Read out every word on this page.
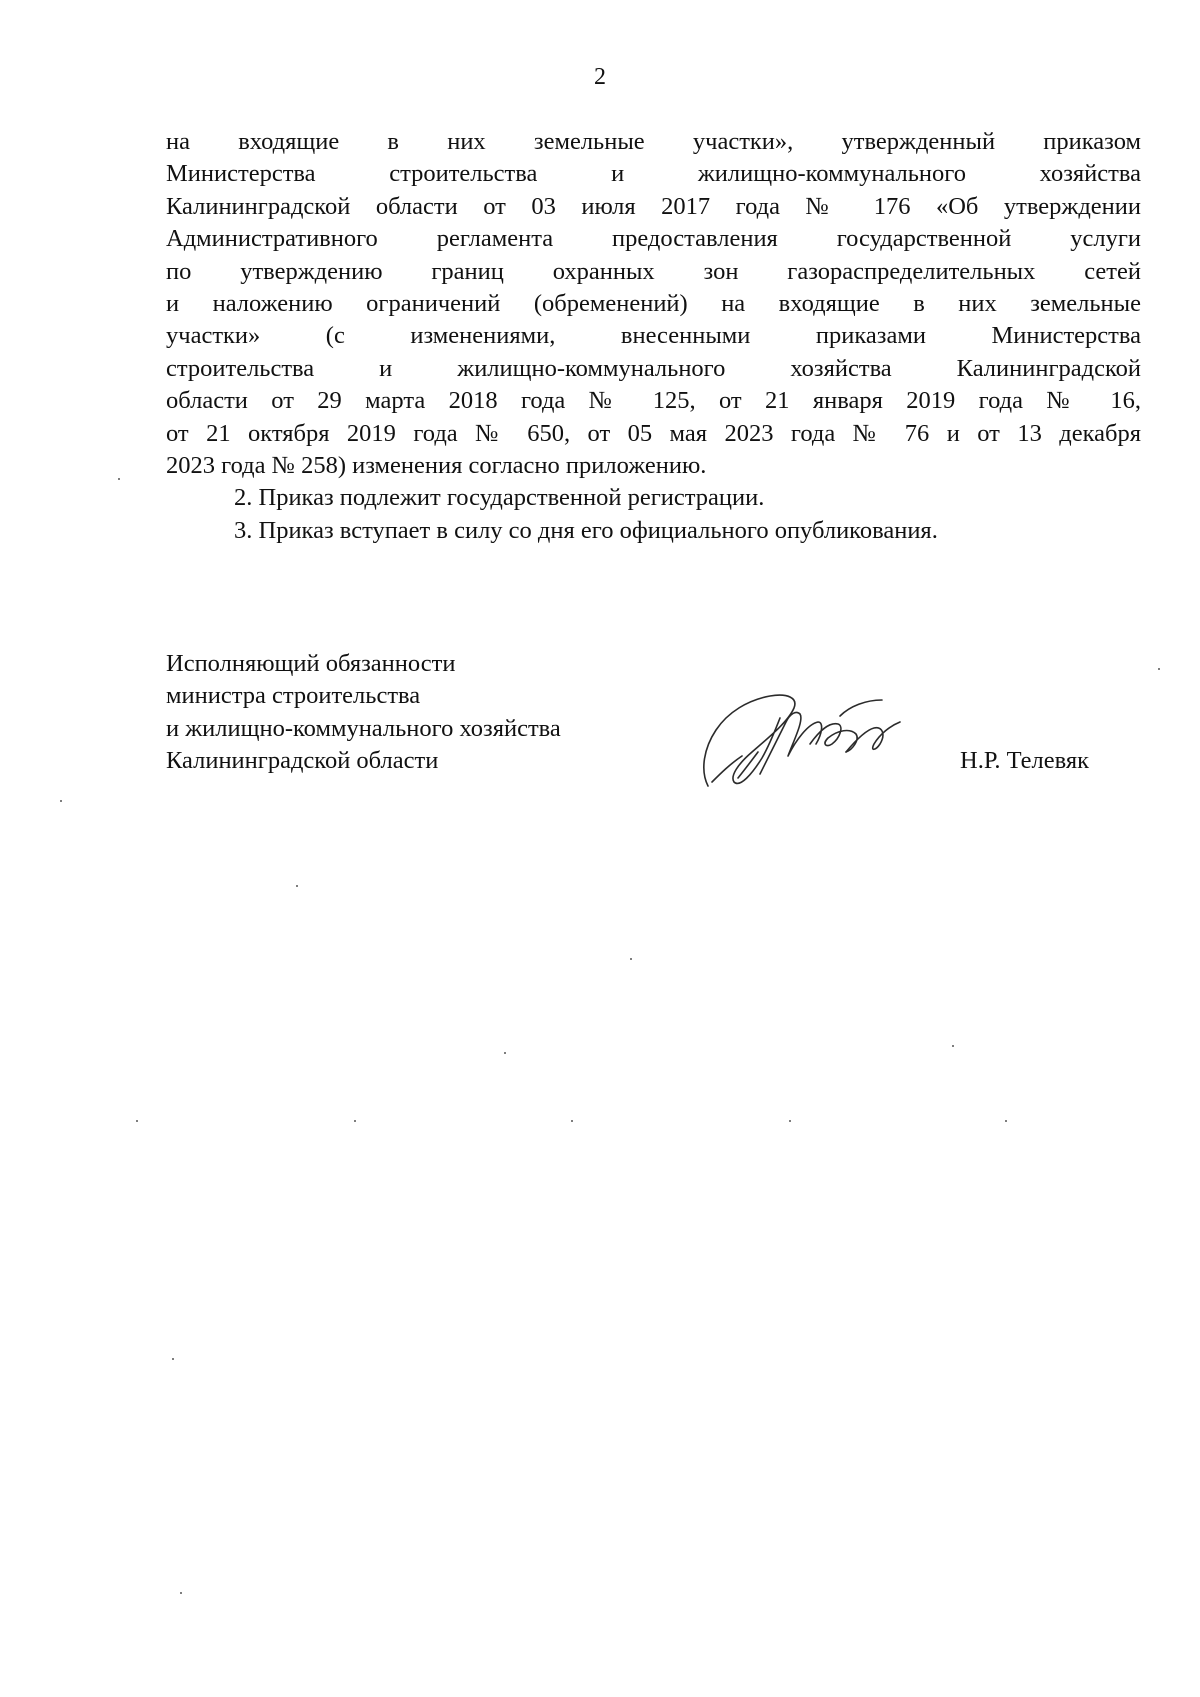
2
на входящие в них земельные участки», утвержденный приказом
Министерства строительства и жилищно-коммунального хозяйства
Калининградской области от 03 июля 2017 года № 176 «Об утверждении
Административного регламента предоставления государственной услуги
по утверждению границ охранных зон газораспределительных сетей
и наложению ограничений (обременений) на входящие в них земельные
участки» (с изменениями, внесенными приказами Министерства
строительства и жилищно-коммунального хозяйства Калининградской
области от 29 марта 2018 года № 125, от 21 января 2019 года № 16,
от 21 октября 2019 года № 650, от 05 мая 2023 года № 76 и от 13 декабря
2023 года № 258) изменения согласно приложению.
2. Приказ подлежит государственной регистрации.
3. Приказ вступает в силу со дня его официального опубликования.
Исполняющий обязанности
министра строительства
и жилищно-коммунального хозяйства
Калининградской области	Н.Р. Телевяк
